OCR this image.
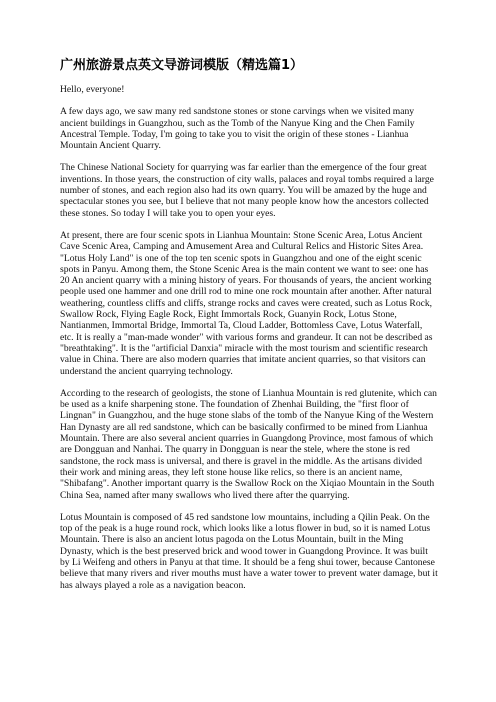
广州旅游景点英文导游词模版（精选篇1）

Hello, everyone!

A few days ago, we saw many red sandstone stones or stone carvings when we visited many ancient buildings in Guangzhou, such as the Tomb of the Nanyue King and the Chen Family Ancestral Temple. Today, I'm going to take you to visit the origin of these stones - Lianhua Mountain Ancient Quarry.

The Chinese National Society for quarrying was far earlier than the emergence of the four great inventions. In those years, the construction of city walls, palaces and royal tombs required a large number of stones, and each region also had its own quarry. You will be amazed by the huge and spectacular stones you see, but I believe that not many people know how the ancestors collected these stones. So today I will take you to open your eyes.

At present, there are four scenic spots in Lianhua Mountain: Stone Scenic Area, Lotus Ancient Cave Scenic Area, Camping and Amusement Area and Cultural Relics and Historic Sites Area. "Lotus Holy Land" is one of the top ten scenic spots in Guangzhou and one of the eight scenic spots in Panyu. Among them, the Stone Scenic Area is the main content we want to see: one has 20 An ancient quarry with a mining history of years. For thousands of years, the ancient working people used one hammer and one drill rod to mine one rock mountain after another. After natural weathering, countless cliffs and cliffs, strange rocks and caves were created, such as Lotus Rock, Swallow Rock, Flying Eagle Rock, Eight Immortals Rock, Guanyin Rock, Lotus Stone, Nantianmen, Immortal Bridge, Immortal Ta, Cloud Ladder, Bottomless Cave, Lotus Waterfall, etc. It is really a "man-made wonder" with various forms and grandeur. It can not be described as "breathtaking". It is the "artificial Danxia" miracle with the most tourism and scientific research value in China. There are also modern quarries that imitate ancient quarries, so that visitors can understand the ancient quarrying technology.

According to the research of geologists, the stone of Lianhua Mountain is red glutenite, which can be used as a knife sharpening stone. The foundation of Zhenhai Building, the "first floor of Lingnan" in Guangzhou, and the huge stone slabs of the tomb of the Nanyue King of the Western Han Dynasty are all red sandstone, which can be basically confirmed to be mined from Lianhua Mountain. There are also several ancient quarries in Guangdong Province, most famous of which are Dongguan and Nanhai. The quarry in Dongguan is near the stele, where the stone is red sandstone, the rock mass is universal, and there is gravel in the middle. As the artisans divided their work and mining areas, they left stone house like relics, so there is an ancient name, "Shibafang". Another important quarry is the Swallow Rock on the Xiqiao Mountain in the South China Sea, named after many swallows who lived there after the quarrying.

Lotus Mountain is composed of 45 red sandstone low mountains, including a Qilin Peak. On the top of the peak is a huge round rock, which looks like a lotus flower in bud, so it is named Lotus Mountain. There is also an ancient lotus pagoda on the Lotus Mountain, built in the Ming Dynasty, which is the best preserved brick and wood tower in Guangdong Province. It was built by Li Weifeng and others in Panyu at that time. It should be a feng shui tower, because Cantonese believe that many rivers and river mouths must have a water tower to prevent water damage, but it has always played a role as a navigation beacon.
